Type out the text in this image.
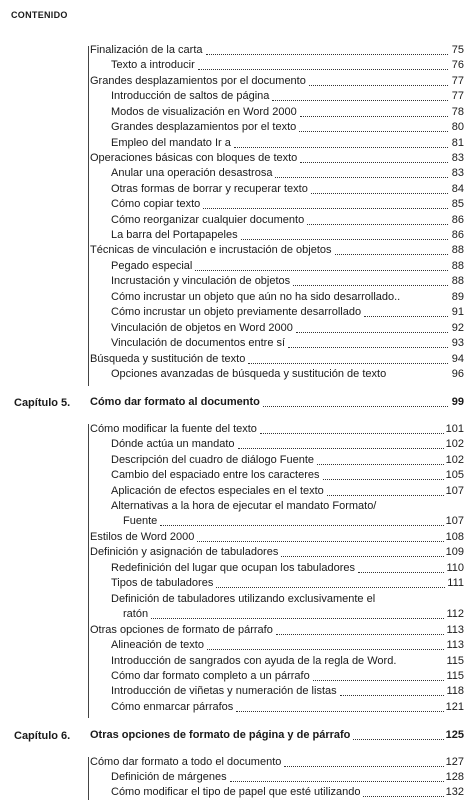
CONTENIDO
Finalización de la carta	75
Texto a introducir	76
Grandes desplazamientos por el documento	77
Introducción de saltos de página	77
Modos de visualización en Word 2000	78
Grandes desplazamientos por el texto	80
Empleo del mandato Ir a	81
Operaciones básicas con bloques de texto	83
Anular una operación desastrosa	83
Otras formas de borrar y recuperar texto	84
Cómo copiar texto	85
Cómo reorganizar cualquier documento	86
La barra del Portapapeles	86
Técnicas de vinculación e incrustación de objetos	88
Pegado especial	88
Incrustación y vinculación de objetos	88
Cómo incrustar un objeto que aún no ha sido desarrollado..	89
Cómo incrustar un objeto previamente desarrollado	91
Vinculación de objetos en Word 2000	92
Vinculación de documentos entre sí	93
Búsqueda y sustitución de texto	94
Opciones avanzadas de búsqueda y sustitución de texto	96
Capítulo 5. Cómo dar formato al documento	99
Cómo modificar la fuente del texto	101
Dónde actúa un mandato	102
Descripción del cuadro de diálogo Fuente	102
Cambio del espaciado entre los caracteres	105
Aplicación de efectos especiales en el texto	107
Alternativas a la hora de ejecutar el mandato Formato/
Fuente	107
Estilos de Word 2000	108
Definición y asignación de tabuladores	109
Redefinición del lugar que ocupan los tabuladores	110
Tipos de tabuladores	111
Definición de tabuladores utilizando exclusivamente el
ratón	112
Otras opciones de formato de párrafo	113
Alineación de texto	113
Introducción de sangrados con ayuda de la regla de Word.	115
Cómo dar formato completo a un párrafo	115
Introducción de viñetas y numeración de listas	118
Cómo enmarcar párrafos	121
Capítulo 6. Otras opciones de formato de página y de párrafo	125
Cómo dar formato a todo el documento	127
Definición de márgenes	128
Cómo modificar el tipo de papel que esté utilizando	132
